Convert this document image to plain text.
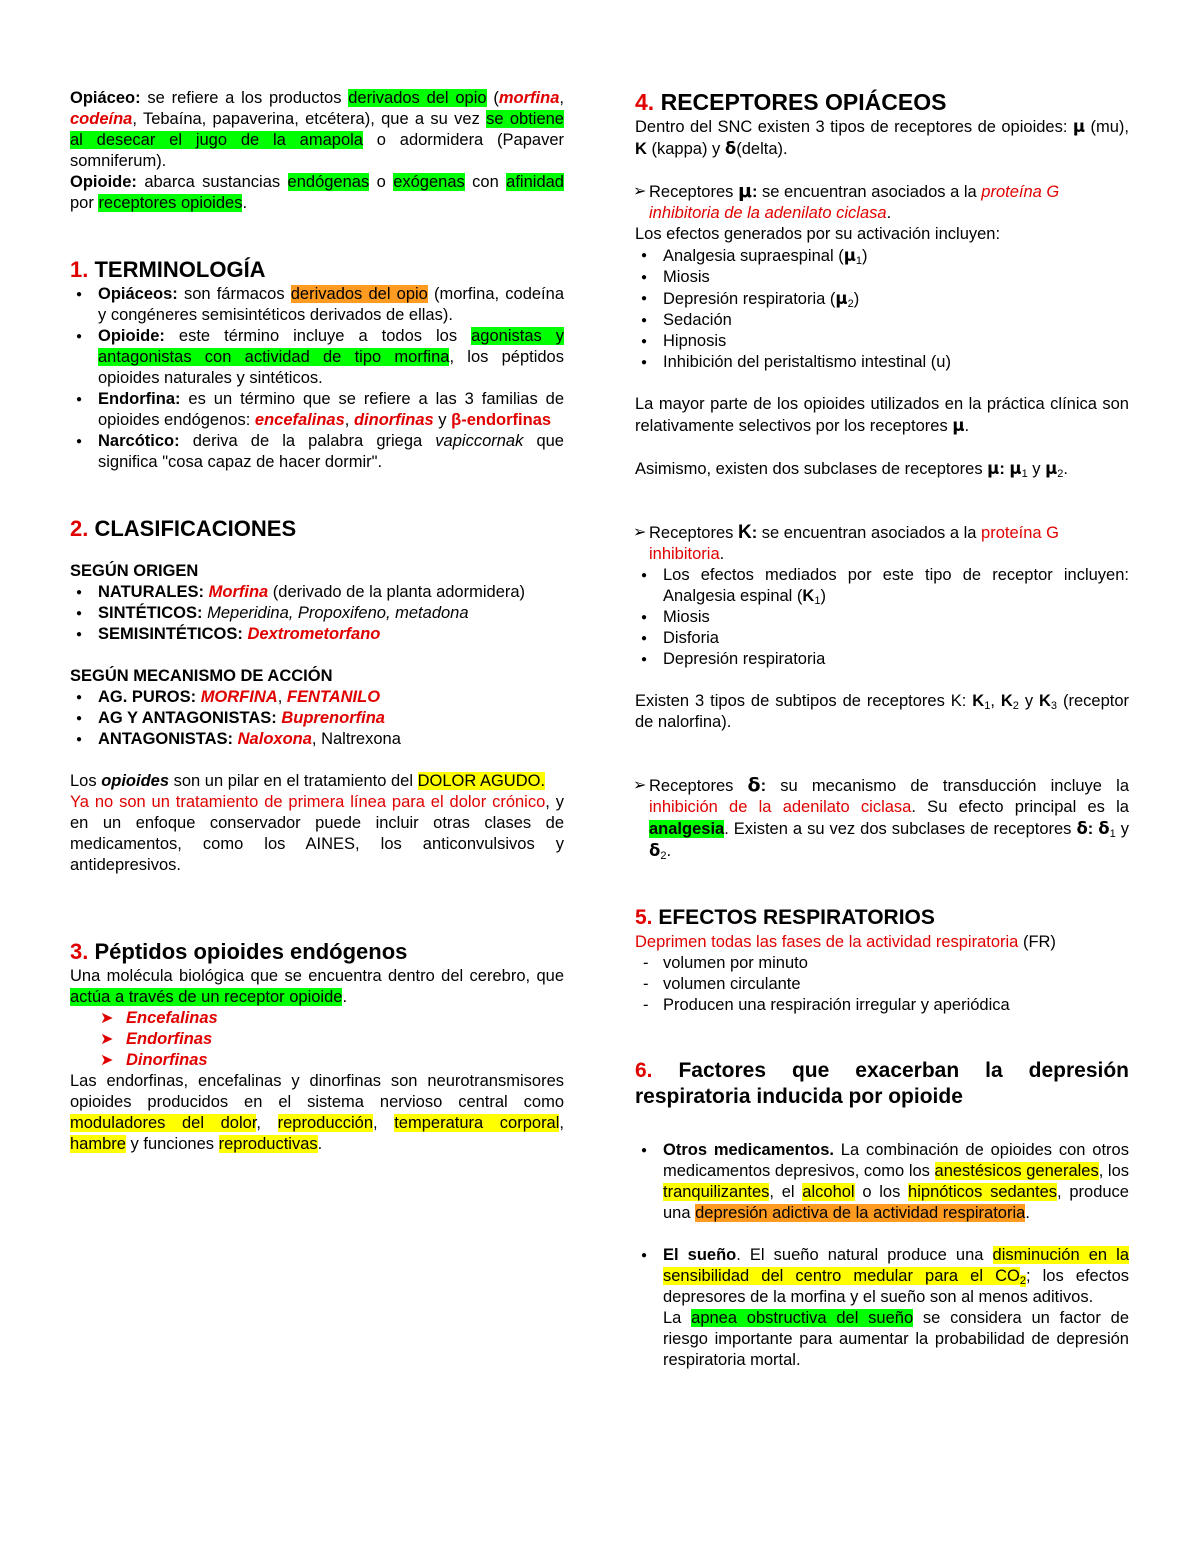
Opiáceo: se refiere a los productos derivados del opio (morfina, codeína, Tebaína, papaverina, etcétera), que a su vez se obtiene al desecar el jugo de la amapola o adormidera (Papaver somniferum).

Opioide: abarca sustancias endógenas o exógenas con afinidad por receptores opioides.

1. TERMINOLOGÍA
● Opiáceos: son fármacos derivados del opio (morfina, codeína y congéneres semisintéticos derivados de ellas).
● Opioide: este término incluye a todos los agonistas y antagonistas con actividad de tipo morfina, los péptidos opioides naturales y sintéticos.
● Endorfina: es un término que se refiere a las 3 familias de opioides endógenos: encefalinas, dinorfinas y β-endorfinas
● Narcótico: deriva de la palabra griega vapiccornak que significa "cosa capaz de hacer dormir".
2. CLASIFICACIONES

SEGÚN ORIGEN

● NATURALES: Morfina (derivado de la planta adormidera)
● SINTÉTICOS: Meperidina, Propoxifeno, metadona
● SEMISINTÉTICOS: Dextrometorfano

SEGÚN MECANISMO DE ACCIÓN

● AG. PUROS: MORFINA, FENTANILO
● AG Y ANTAGONISTAS: Buprenorfina
● ANTAGONISTAS: Naloxona, Naltrexona

Los opioides son un pilar en el tratamiento del DOLOR AGUDO.
Ya no son un tratamiento de primera línea para el dolor crónico, y en un enfoque conservador puede incluir otras clases de medicamentos, como los AINES, los anticonvulsivos y antidepresivos.

3. Péptidos opioides endógenos

Una molécula biológica que se encuentra dentro del cerebro, que actúa a través de un receptor opioide.

➤ Encefalinas
➤ Endorfinas
➤ Dinorfinas

Las endorfinas, encefalinas y dinorfinas son neurotransmisores opioides producidos en el sistema nervioso central como moduladores del dolor, reproducción, temperatura corporal, hambre y funciones reproductivas.

4. RECEPTORES OPIÁCEOS

Dentro del SNC existen 3 tipos de receptores de opioides: μ (mu), K (kappa) y δ(delta).

➢ Receptores μ: se encuentran asociados a la proteína G inhibitoria de la adenilato ciclasa.

Los efectos generados por su activación incluyen:

● Analgesia supraespinal $(\mu_1)$
● Miosis
● Depresión respiratoria $(\mu_2)$
● Sedación
● Hipnosis
● Inhibición del peristaltismo intestinal (u)

La mayor parte de los opioides utilizados en la práctica clínica son relativamente selectivos por los receptores μ.

Asimismo, existen dos subclases de receptores μ: $\mu_1$ y $\mu_2$.

➢ Receptores K: se encuentran asociados a la proteína G inhibitoria.

● Los efectos mediados por este tipo de receptor incluyen: Analgesia espinal $(K_1)$
● Miosis
● Disforia
● Depresión respiratoria

Existen 3 tipos de subtipos de receptores K: $K_1$, $K_2$ y $K_3$ (receptor de nalorfina).

➢ Receptores δ: su mecanismo de transducción incluye la inhibición de la adenilato ciclasa. Su efecto principal es la analgesia. Existen a su vez dos subclases de receptores δ: $\delta_1$ y $\delta_2$.

5. EFECTOS RESPIRATORIOS

Deprimen todas las fases de la actividad respiratoria (FR)

- volumen por minuto
- volumen circulante
- Producen una respiración irregular y aperiódica
6. Factores que exacerban la depresión respiratoria inducida por opioide
● Otros medicamentos. La combinación de opioides con otros medicamentos depresivos, como los anestésicos generales, los tranquilizantes, el alcohol o los hipnóticos sedantes, produce una depresión adictiva de la actividad respiratoria.
● El sueño. El sueño natural produce una disminución en la sensibilidad del centro medular para el $CO_2$; los efectos depresores de la morfina y el sueño son al menos aditivos.
La apnea obstructiva del sueño se considera un factor de riesgo importante para aumentar la probabilidad de depresión respiratoria mortal.
